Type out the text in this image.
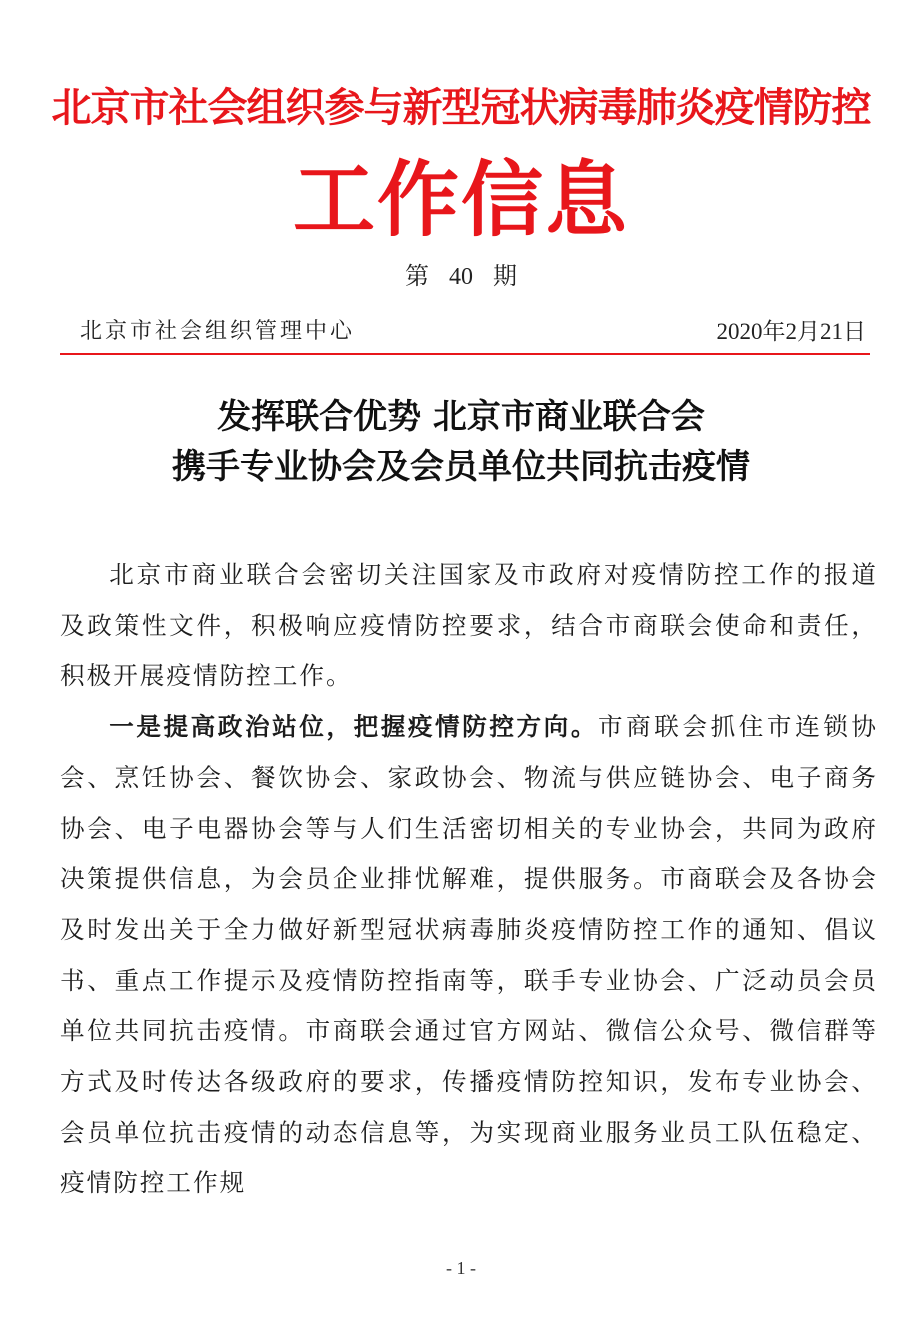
北京市社会组织参与新型冠状病毒肺炎疫情防控
工作信息
第 40 期
北京市社会组织管理中心	2020年2月21日
发挥联合优势 北京市商业联合会
携手专业协会及会员单位共同抗击疫情

北京市商业联合会密切关注国家及市政府对疫情防控工作的报道及政策性文件，积极响应疫情防控要求，结合市商联会使命和责任，积极开展疫情防控工作。

一是提高政治站位，把握疫情防控方向。市商联会抓住市连锁协会、烹饪协会、餐饮协会、家政协会、物流与供应链协会、电子商务协会、电子电器协会等与人们生活密切相关的专业协会，共同为政府决策提供信息，为会员企业排忧解难，提供服务。市商联会及各协会及时发出关于全力做好新型冠状病毒肺炎疫情防控工作的通知、倡议书、重点工作提示及疫情防控指南等，联手专业协会、广泛动员会员单位共同抗击疫情。市商联会通过官方网站、微信公众号、微信群等方式及时传达各级政府的要求，传播疫情防控知识，发布专业协会、会员单位抗击疫情的动态信息等，为实现商业服务业员工队伍稳定、疫情防控工作规

- 1 -
